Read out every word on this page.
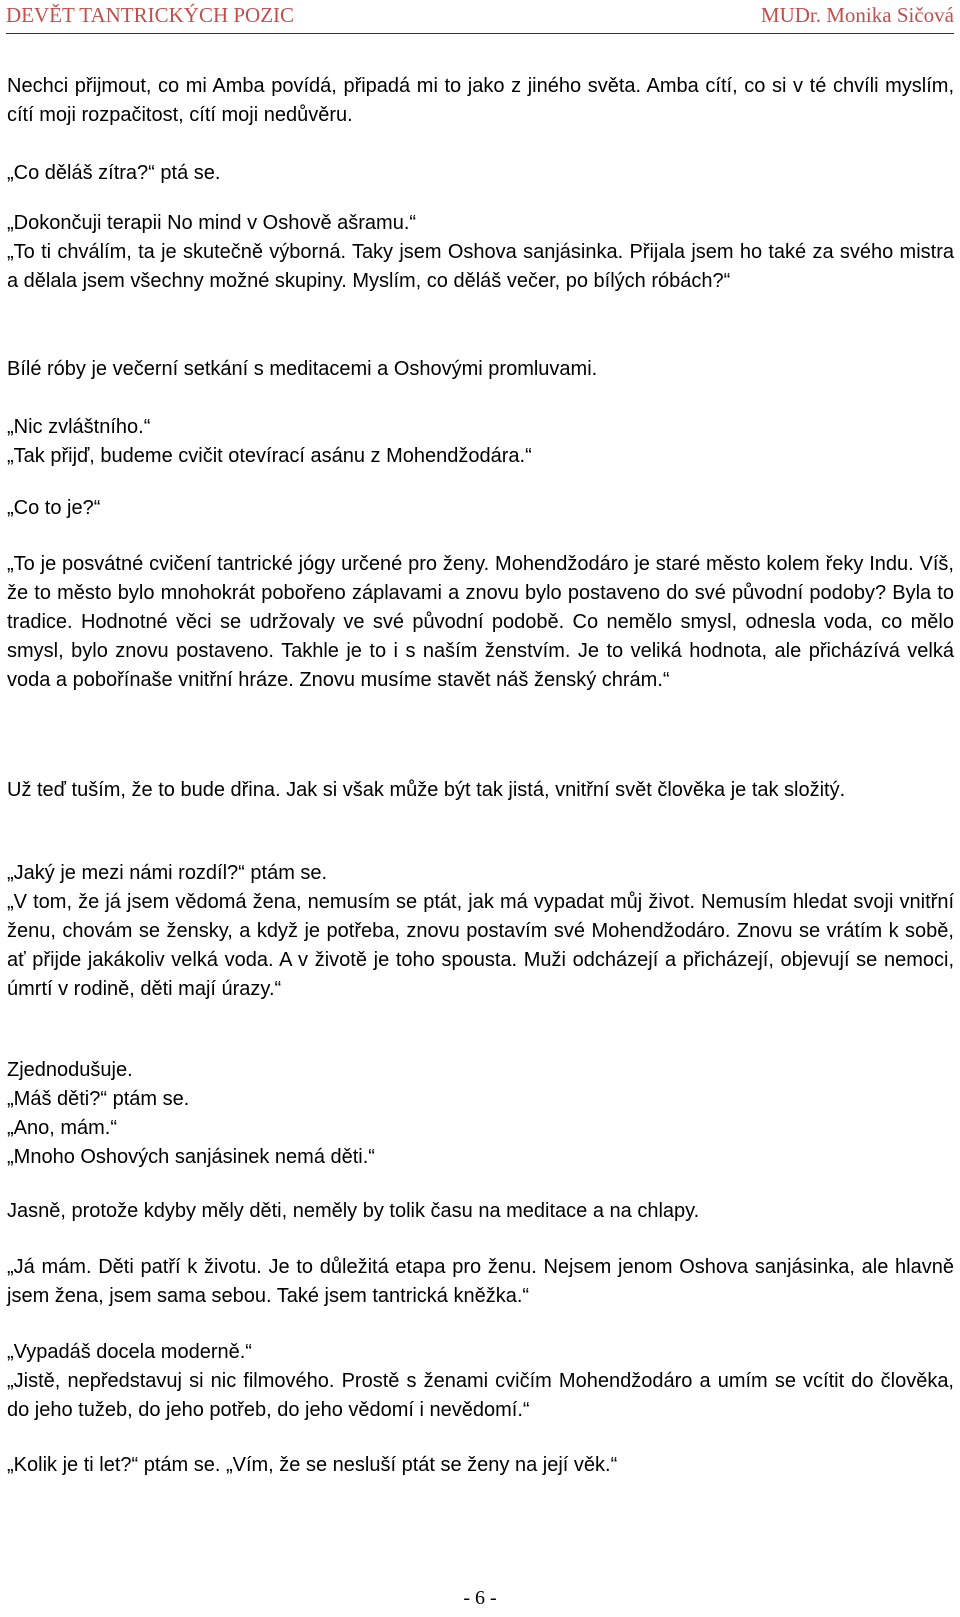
DEVĚT TANTRICKÝCH POZIC	MUDr. Monika Sičová

Nechci přijmout, co mi Amba povídá, připadá mi to jako z jiného světa. Amba cítí, co si v té chvíli myslím, cítí moji rozpačitost, cítí moji nedůvěru.

„Co děláš zítra?“ ptá se.

„Dokončuji terapii No mind v Oshově ašramu.“

„To ti chválím, ta je skutečně výborná. Taky jsem Oshova sanjásinka. Přijala jsem ho také za svého mistra a dělala jsem všechny možné skupiny. Myslím, co děláš večer, po bílých róbách?“

Bílé róby je večerní setkání s meditacemi a Oshovými promluvami.

„Nic zvláštního.“

„Tak přijď, budeme cvičit otevírací asánu z Mohendžodára.“

„Co to je?“

„To je posvátné cvičení tantrické jógy určené pro ženy. Mohendžodáro je staré město kolem řeky Indu. Víš, že to město bylo mnohokrát pobořeno záplavami a znovu bylo postaveno do své původní podoby? Byla to tradice. Hodnotné věci se udržovaly ve své původní podobě. Co nemělo smysl, odnesla voda, co mělo smysl, bylo znovu postaveno. Takhle je to i s naším ženstvím. Je to veliká hodnota, ale přicházívá velká voda a pobořínaše vnitřní hráze. Znovu musíme stavět náš ženský chrám.“

Už teď tuším, že to bude dřina. Jak si však může být tak jistá, vnitřní svět člověka je tak složitý.

„Jaký je mezi námi rozdíl?“ ptám se.

„V tom, že já jsem vědomá žena, nemusím se ptát, jak má vypadat můj život. Nemusím hledat svoji vnitřní ženu, chovám se žensky, a když je potřeba, znovu postavím své Mohendžodáro. Znovu se vrátím k sobě, ať přijde jakákoliv velká voda. A v životě je toho spousta. Muži odcházejí a přicházejí, objevují se nemoci, úmrtí v rodině, děti mají úrazy.“

Zjednodušuje.

„Máš děti?“ ptám se.

„Ano, mám.“

„Mnoho Oshových sanjásinek nemá děti.“

Jasně, protože kdyby měly děti, neměly by tolik času na meditace a na chlapy.

„Já mám. Děti patří k životu. Je to důležitá etapa pro ženu. Nejsem jenom Oshova sanjásinka, ale hlavně jsem žena, jsem sama sebou. Také jsem tantrická kněžka.“

„Vypadáš docela moderně.“

„Jistě, nepředstavuj si nic filmového. Prostě s ženami cvičím Mohendžodáro a umím se vcítit do člověka, do jeho tužeb, do jeho potřeb, do jeho vědomí i nevědomí.“

„Kolik je ti let?“ ptám se. „Vím, že se nesluší ptát se ženy na její věk.“

- 6 -
